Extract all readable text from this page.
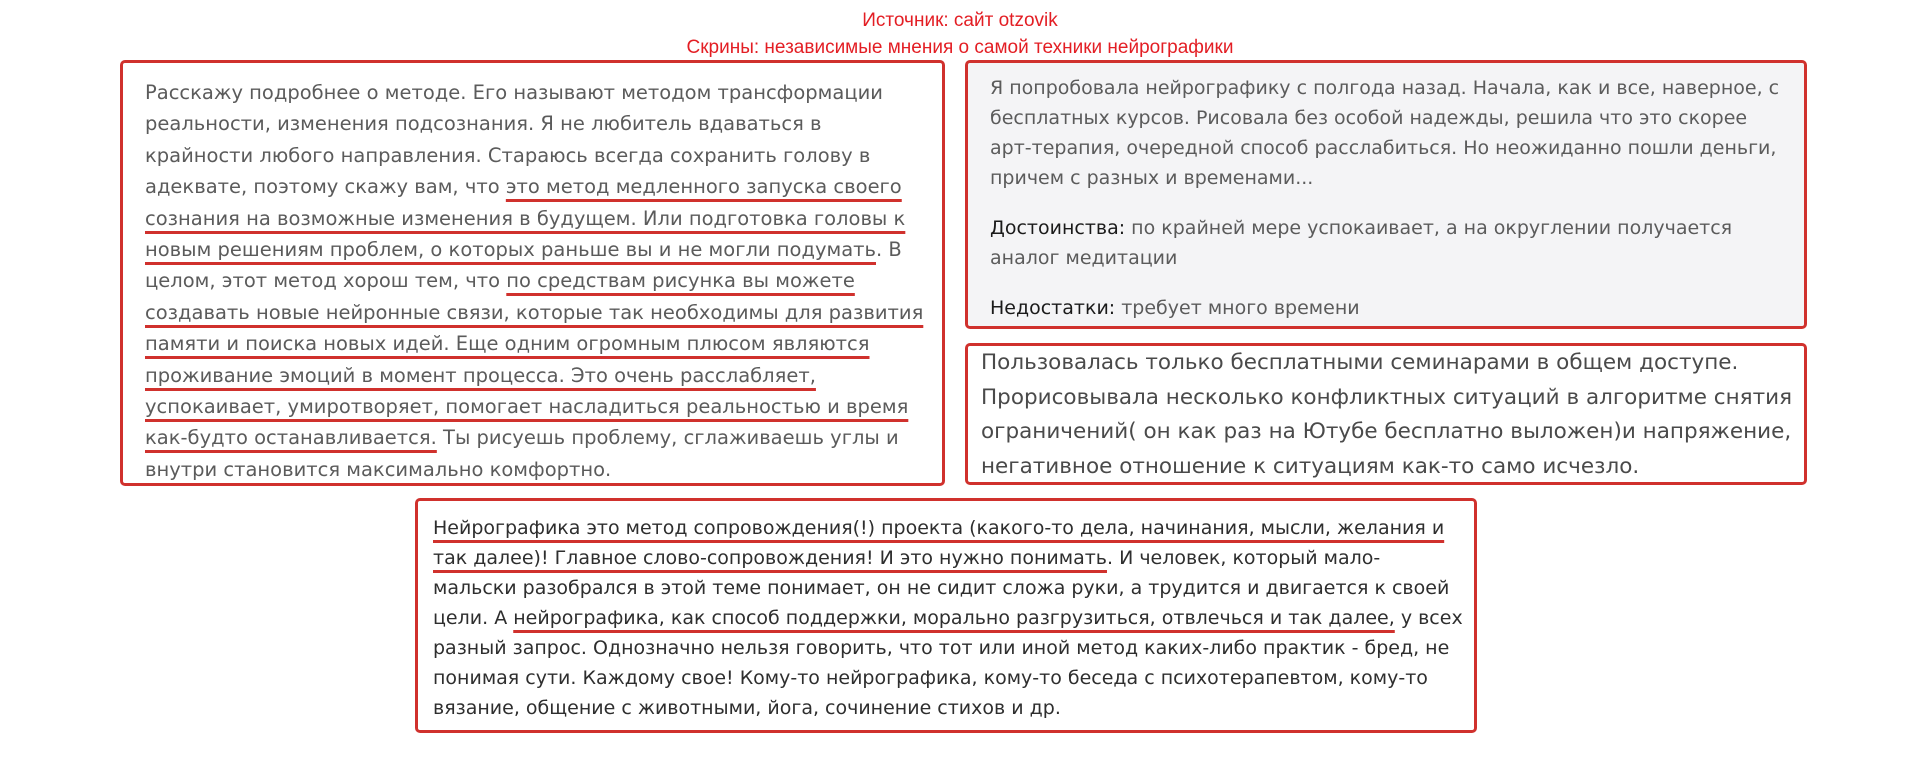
Источник: сайт otzovik
Скрины: независимые мнения о самой техники нейрографики

Расскажу подробнее о методе. Его называют методом трансформации реальности, изменения подсознания. Я не любитель вдаваться в крайности любого направления. Стараюсь всегда сохранить голову в адеквате, поэтому скажу вам, что это метод медленного запуска своего сознания на возможные изменения в будущем. Или подготовка головы к новым решениям проблем, о которых раньше вы и не могли подумать. В целом, этот метод хорош тем, что по средствам рисунка вы можете создавать новые нейронные связи, которые так необходимы для развития памяти и поиска новых идей. Еще одним огромным плюсом являются проживание эмоций в момент процесса. Это очень расслабляет, успокаивает, умиротворяет, помогает насладиться реальностью и время как-будто останавливается. Ты рисуешь проблему, сглаживаешь углы и внутри становится максимально комфортно.

Я попробовала нейрографику с полгода назад. Начала, как и все, наверное, с бесплатных курсов. Рисовала без особой надежды, решила что это скорее арт-терапия, очередной способ расслабиться. Но неожиданно пошли деньги, причем с разных и временами...

Достоинства: по крайней мере успокаивает, а на округлении получается аналог медитации

Недостатки: требует много времени

Пользовалась только бесплатными семинарами в общем доступе. Прорисовывала несколько конфликтных ситуаций в алгоритме снятия ограничений( он как раз на Ютубе бесплатно выложен)и напряжение, негативное отношение к ситуациям как-то само исчезло.

Нейрографика это метод сопровождения(!) проекта (какого-то дела, начинания, мысли, желания и так далее)! Главное слово-сопровождения! И это нужно понимать. И человек, который мало-мальски разобрался в этой теме понимает, он не сидит сложа руки, а трудится и двигается к своей цели. А нейрографика, как способ поддержки, морально разгрузиться, отвлечься и так далее, у всех разный запрос. Однозначно нельзя говорить, что тот или иной метод каких-либо практик - бред, не понимая сути. Каждому свое! Кому-то нейрографика, кому-то беседа с психотерапевтом, кому-то вязание, общение с животными, йога, сочинение стихов и др.
